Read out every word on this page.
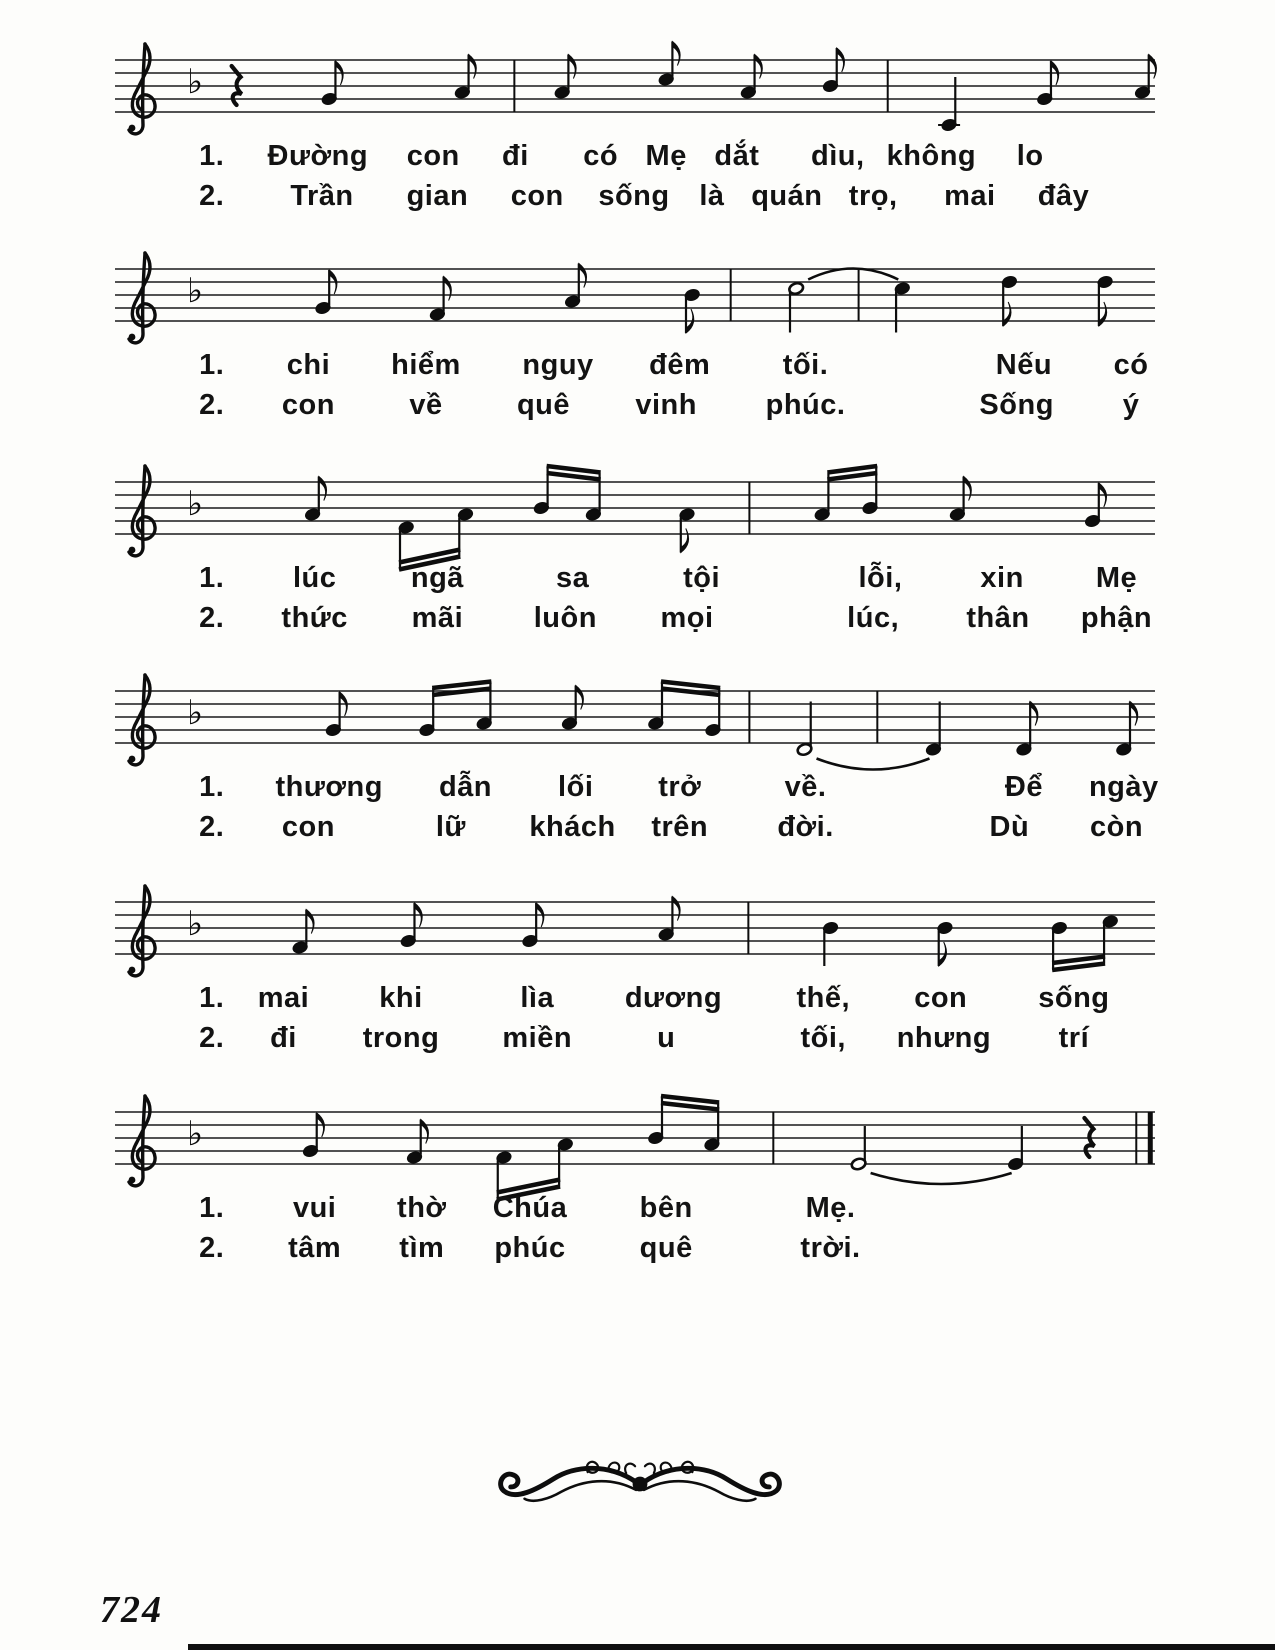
♭
1. Đường con đi có Mẹ dắt dìu, không lo
2. Trần gian con sống là quán trọ, mai đây
♭
1. chi hiểm nguy đêm	tối.	Nếu có
2. con	về	quê vinh phúc.	Sống ý
♭
1. lúc	ngã	sa	tội	lỗi,	xin Mẹ
2. thức mãi luôn mọi	lúc, thân phận
♭
1. thương dẫn lối trở	về.	Để ngày
2. con	lữ khách trên đời.	Dù còn
♭
1. mai khi	lìa dương	thế, con sống
2. đi trong miền	u	tối, nhưng trí
♭
1. vui thờ Chúa bên	Mẹ.
2. tâm tìm phúc	quê	trời.
724
